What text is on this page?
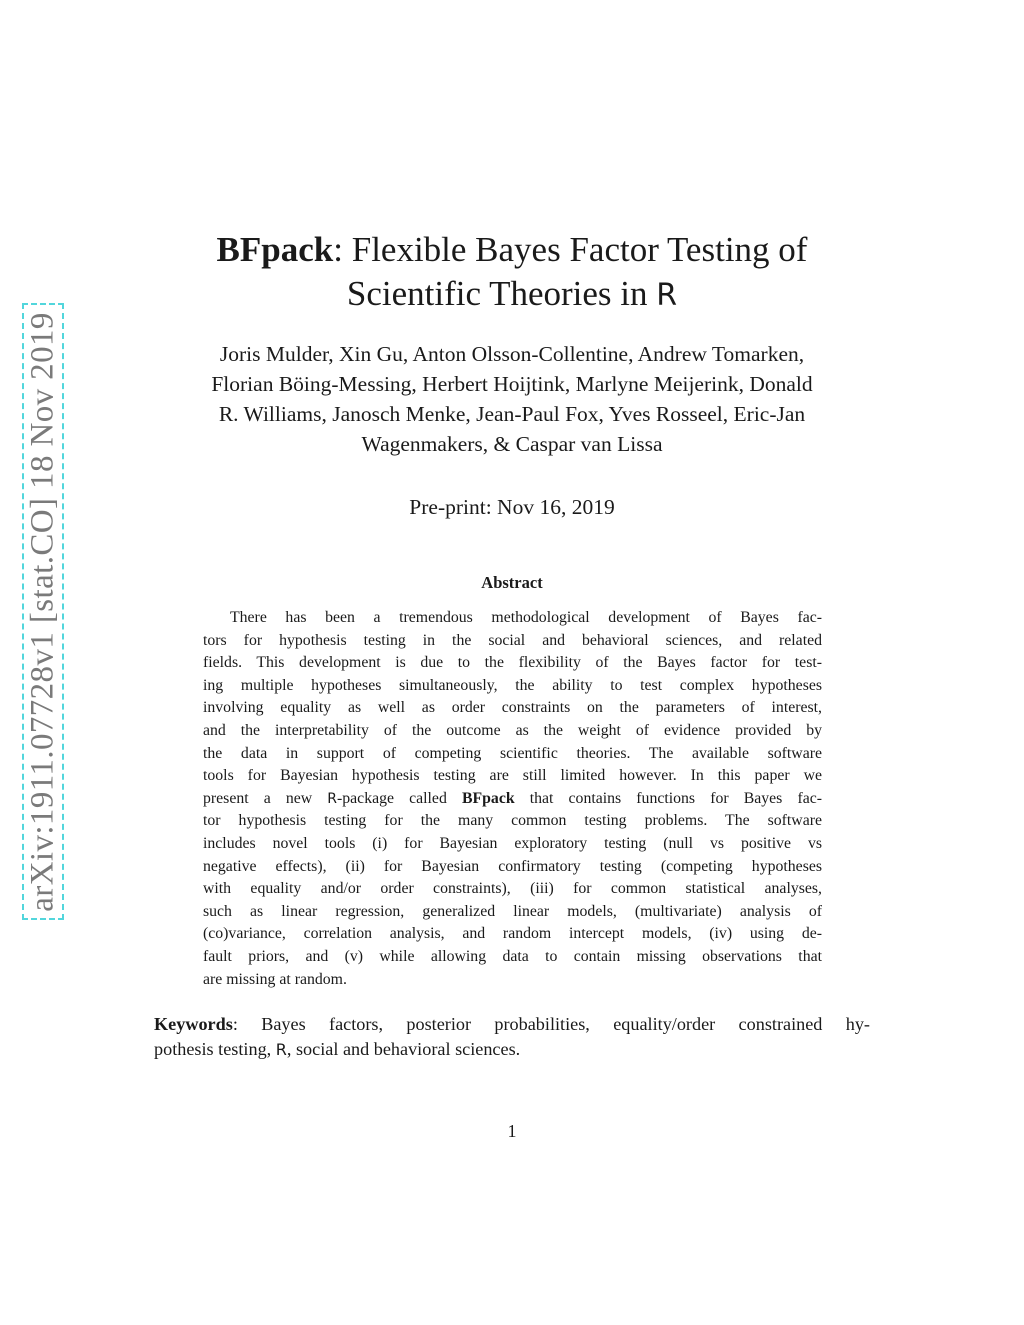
arXiv:1911.07728v1 [stat.CO] 18 Nov 2019
BFpack: Flexible Bayes Factor Testing of
Scientific Theories in R
Joris Mulder, Xin Gu, Anton Olsson-Collentine, Andrew Tomarken,
Florian Böing-Messing, Herbert Hoijtink, Marlyne Meijerink, Donald
R. Williams, Janosch Menke, Jean-Paul Fox, Yves Rosseel, Eric-Jan
Wagenmakers, & Caspar van Lissa
Pre-print: Nov 16, 2019
Abstract
There has been a tremendous methodological development of Bayes fac-
tors for hypothesis testing in the social and behavioral sciences, and related
fields. This development is due to the flexibility of the Bayes factor for test-
ing multiple hypotheses simultaneously, the ability to test complex hypotheses
involving equality as well as order constraints on the parameters of interest,
and the interpretability of the outcome as the weight of evidence provided by
the data in support of competing scientific theories. The available software
tools for Bayesian hypothesis testing are still limited however. In this paper we
present a new R-package called BFpack that contains functions for Bayes fac-
tor hypothesis testing for the many common testing problems. The software
includes novel tools (i) for Bayesian exploratory testing (null vs positive vs
negative effects), (ii) for Bayesian confirmatory testing (competing hypotheses
with equality and/or order constraints), (iii) for common statistical analyses,
such as linear regression, generalized linear models, (multivariate) analysis of
(co)variance, correlation analysis, and random intercept models, (iv) using de-
fault priors, and (v) while allowing data to contain missing observations that
are missing at random.
Keywords: Bayes factors, posterior probabilities, equality/order constrained hy-
pothesis testing, R, social and behavioral sciences.
1
